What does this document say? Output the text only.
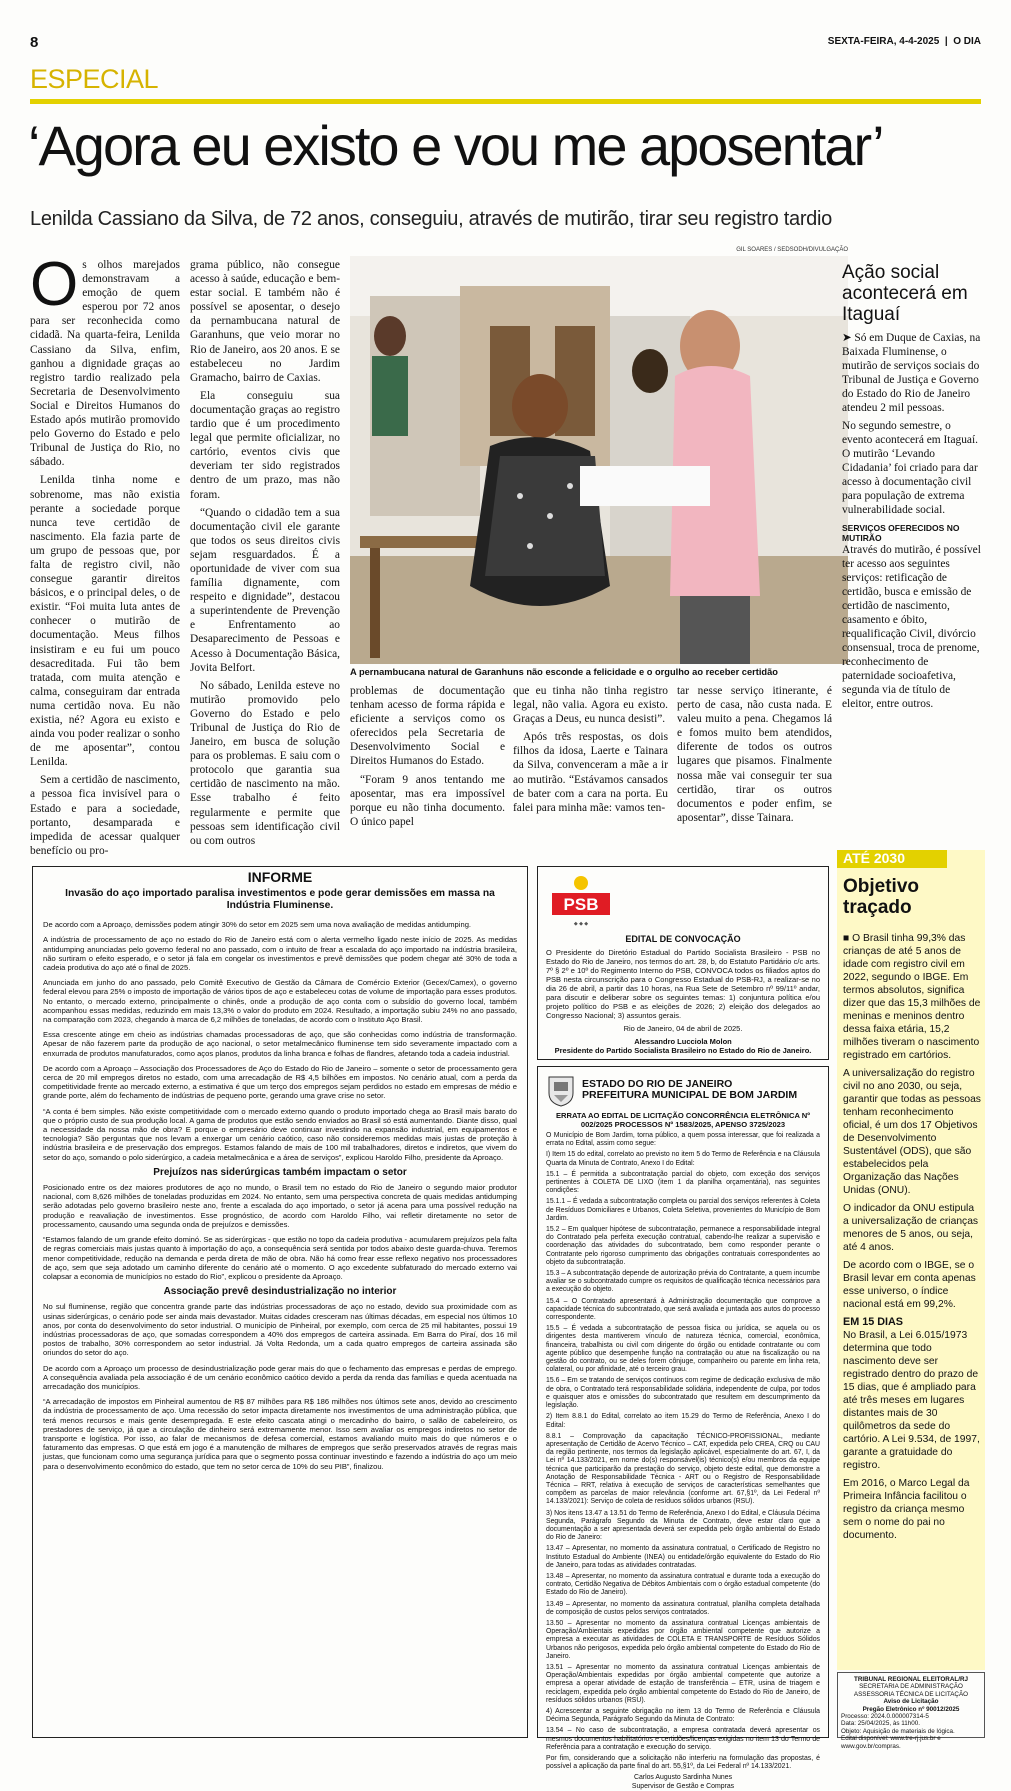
8	SEXTA-FEIRA, 4-4-2025  |  O DIA
ESPECIAL
‘Agora eu existo e vou me aposentar’
Lenilda Cassiano da Silva, de 72 anos, conseguiu, através de mutirão, tirar seu registro tardio

Os olhos marejados demonstravam a emoção de quem esperou por 72 anos para ser reconhecida como cidadã. Na quarta-feira, Lenilda Cassiano da Silva, enfim, ganhou a dignidade graças ao registro tardio realizado pela Secretaria de Desenvolvimento Social e Direitos Humanos do Estado após mutirão promovido pelo Governo do Estado e pelo Tribunal de Justiça do Rio, no sábado.

Lenilda tinha nome e sobrenome, mas não existia perante a sociedade porque nunca teve certidão de nascimento. Ela fazia parte de um grupo de pessoas que, por falta de registro civil, não consegue garantir direitos básicos, e o principal deles, o de existir. “Foi muita luta antes de conhecer o mutirão de documentação. Meus filhos insistiram e eu fui um pouco desacreditada. Fui tão bem tratada, com muita atenção e calma, conseguiram dar entrada numa certidão nova. Eu não existia, né? Agora eu existo e ainda vou poder realizar o sonho de me aposentar”, contou Lenilda.

Sem a certidão de nascimento, a pessoa fica invisível para o Estado e para a sociedade, portanto, desamparada e impedida de acessar qualquer benefício ou pro-

grama público, não consegue acesso à saúde, educação e bem-estar social. E também não é possível se aposentar, o desejo da pernambucana natural de Garanhuns, que veio morar no Rio de Janeiro, aos 20 anos. E se estabeleceu no Jardim Gramacho, bairro de Caxias.

Ela conseguiu sua documentação graças ao registro tardio que é um procedimento legal que permite oficializar, no cartório, eventos civis que deveriam ter sido registrados dentro de um prazo, mas não foram.

“Quando o cidadão tem a sua documentação civil ele garante que todos os seus direitos civis sejam resguardados. É a oportunidade de viver com sua família dignamente, com respeito e dignidade”, destacou a superintendente de Prevenção e Enfrentamento ao Desaparecimento de Pessoas e Acesso à Documentação Básica, Jovita Belfort.

No sábado, Lenilda esteve no mutirão promovido pelo Governo do Estado e pelo Tribunal de Justiça do Rio de Janeiro, em busca de solução para os problemas. E saiu com o protocolo que garantia sua certidão de nascimento na mão. Esse trabalho é feito regularmente e permite que pessoas sem identificação civil ou com outros

GIL SOARES / SEDSODH/DIVULGAÇÃO
A pernambucana natural de Garanhuns não esconde a felicidade e o orgulho ao receber certidão

problemas de documentação tenham acesso de forma rápida e eficiente a serviços como os oferecidos pela Secretaria de Desenvolvimento Social e Direitos Humanos do Estado.

“Foram 9 anos tentando me aposentar, mas era impossível porque eu não tinha documento. O único papel

que eu tinha não tinha registro legal, não valia. Agora eu existo. Graças a Deus, eu nunca desisti”.

Após três respostas, os dois filhos da idosa, Laerte e Tainara da Silva, convenceram a mãe a ir ao mutirão. “Estávamos cansados de bater com a cara na porta. Eu falei para minha mãe: vamos ten-

tar nesse serviço itinerante, é perto de casa, não custa nada. E valeu muito a pena. Chegamos lá e fomos muito bem atendidos, diferente de todos os outros lugares que pisamos. Finalmente nossa mãe vai conseguir ter sua certidão, tirar os outros documentos e poder enfim, se aposentar”, disse Tainara.

Ação social acontecerá em Itaguaí

➤ Só em Duque de Caxias, na Baixada Fluminense, o mutirão de serviços sociais do Tribunal de Justiça e Governo do Estado do Rio de Janeiro atendeu 2 mil pessoas.

No segundo semestre, o evento acontecerá em Itaguaí. O mutirão ‘Levando Cidadania’ foi criado para dar acesso à documentação civil para população de extrema vulnerabilidade social.

SERVIÇOS OFERECIDOS NO MUTIRÃO

Através do mutirão, é possível ter acesso aos seguintes serviços: retificação de certidão, busca e emissão de certidão de nascimento, casamento e óbito, requalificação Civil, divórcio consensual, troca de prenome, reconhecimento de paternidade socioafetiva, segunda via de título de eleitor, entre outros.

ATÉ 2030
Objetivo traçado

■ O Brasil tinha 99,3% das crianças de até 5 anos de idade com registro civil em 2022, segundo o IBGE. Em termos absolutos, significa dizer que das 15,3 milhões de meninas e meninos dentro dessa faixa etária, 15,2 milhões tiveram o nascimento registrado em cartórios.

A universalização do registro civil no ano 2030, ou seja, garantir que todas as pessoas tenham reconhecimento oficial, é um dos 17 Objetivos de Desenvolvimento Sustentável (ODS), que são estabelecidos pela Organização das Nações Unidas (ONU).

O indicador da ONU estipula a universalização de crianças menores de 5 anos, ou seja, até 4 anos.

De acordo com o IBGE, se o Brasil levar em conta apenas esse universo, o índice nacional está em 99,2%.

EM 15 DIAS

No Brasil, a Lei 6.015/1973 determina que todo nascimento deve ser registrado dentro do prazo de 15 dias, que é ampliado para até três meses em lugares distantes mais de 30 quilômetros da sede do cartório. A Lei 9.534, de 1997, garante a gratuidade do registro.

Em 2016, o Marco Legal da Primeira Infância facilitou o registro da criança mesmo sem o nome do pai no documento.

TRIBUNAL REGIONAL ELEITORAL/RJ
SECRETARIA DE ADMINISTRAÇÃO
ASSESSORIA TÉCNICA DE LICITAÇÃO
Aviso de Licitação
Pregão Eletrônico nº 90012/2025
Processo: 2024.0.000007314-5
Data: 25/04/2025, às 11h00.
Objeto: Aquisição de materiais de lógica.
Edital disponível: www.tre-rj.jus.br e
www.gov.br/compras.
INFORME
Invasão do aço importado paralisa investimentos e pode gerar demissões em massa na Indústria Fluminense.

De acordo com a Aproaço, demissões podem atingir 30% do setor em 2025 sem uma nova avaliação de medidas antidumping.

A indústria de processamento de aço no estado do Rio de Janeiro está com o alerta vermelho ligado neste início de 2025. As medidas antidumping anunciadas pelo governo federal no ano passado, com o intuito de frear a escalada do aço importado na indústria brasileira, não surtiram o efeito esperado, e o setor já fala em congelar os investimentos e prevê demissões que podem chegar até 30% de toda a cadeia produtiva do aço até o final de 2025.

Anunciada em junho do ano passado, pelo Comitê Executivo de Gestão da Câmara de Comércio Exterior (Gecex/Camex), o governo federal elevou para 25% o imposto de importação de vários tipos de aço e estabeleceu cotas de volume de importação para esses produtos. No entanto, o mercado externo, principalmente o chinês, onde a produção de aço conta com o subsídio do governo local, também acompanhou essas medidas, reduzindo em mais 13,3% o valor do produto em 2024. Resultado, a importação subiu 24% no ano passado, na comparação com 2023, chegando à marca de 6,2 milhões de toneladas, de acordo com o Instituto Aço Brasil.

Essa crescente atinge em cheio as indústrias chamadas processadoras de aço, que são conhecidas como indústria de transformação. Apesar de não fazerem parte da produção de aço nacional, o setor metalmecânico fluminense tem sido severamente impactado com a enxurrada de produtos manufaturados, como aços planos, produtos da linha branca e folhas de flandres, afetando toda a cadeia industrial.

De acordo com a Aproaço – Associação dos Processadores de Aço do Estado do Rio de Janeiro – somente o setor de processamento gera cerca de 20 mil empregos diretos no estado, com uma arrecadação de R$ 4,5 bilhões em impostos. No cenário atual, com a perda da competitividade frente ao mercado externo, a estimativa é que um terço dos empregos sejam perdidos no estado em empresas de médio e grande porte, além do fechamento de indústrias de pequeno porte, gerando uma grave crise no setor.

“A conta é bem simples. Não existe competitividade com o mercado externo quando o produto importado chega ao Brasil mais barato do que o próprio custo de sua produção local. A gama de produtos que estão sendo enviados ao Brasil só está aumentando. Diante disso, qual a necessidade da nossa mão de obra? E porque o empresário deve continuar investindo na expansão industrial, em equipamentos e tecnologia? São perguntas que nos levam a enxergar um cenário caótico, caso não consideremos medidas mais justas de proteção à indústria brasileira e de preservação dos empregos. Estamos falando de mais de 100 mil trabalhadores, diretos e indiretos, que vivem do setor do aço, somando o polo siderúrgico, a cadeia metalmecânica e a área de serviços”, explicou Haroldo Filho, presidente da Aproaço.

Prejuízos nas siderúrgicas também impactam o setor

Posicionado entre os dez maiores produtores de aço no mundo, o Brasil tem no estado do Rio de Janeiro o segundo maior produtor nacional, com 8,626 milhões de toneladas produzidas em 2024. No entanto, sem uma perspectiva concreta de quais medidas antidumping serão adotadas pelo governo brasileiro neste ano, frente a escalada do aço importado, o setor já acena para uma possível redução na produção e reavaliação de investimentos. Esse prognóstico, de acordo com Haroldo Filho, vai refletir diretamente no setor de processamento, causando uma segunda onda de prejuízos e demissões.

“Estamos falando de um grande efeito dominó. Se as siderúrgicas - que estão no topo da cadeia produtiva - acumularem prejuízos pela falta de regras comerciais mais justas quanto à importação do aço, a consequência será sentida por todos abaixo deste guarda-chuva. Teremos menor competitividade, redução na demanda e perda direta de mão de obra. Não há como frear esse reflexo negativo nos processadores de aço, sem que seja adotado um caminho diferente do cenário até o momento. O aço excedente subfaturado do mercado externo vai colapsar a economia de municípios no estado do Rio”, explicou o presidente da Aproaço.

Associação prevê desindustrialização no interior

No sul fluminense, região que concentra grande parte das indústrias processadoras de aço no estado, devido sua proximidade com as usinas siderúrgicas, o cenário pode ser ainda mais devastador. Muitas cidades cresceram nas últimas décadas, em especial nos últimos 10 anos, por conta do desenvolvimento do setor industrial. O município de Pinheiral, por exemplo, com cerca de 25 mil habitantes, possui 19 indústrias processadoras de aço, que somadas correspondem a 40% dos empregos de carteira assinada. Em Barra do Piraí, dos 16 mil postos de trabalho, 30% correspondem ao setor industrial. Já Volta Redonda, um a cada quatro empregos de carteira assinada são oriundos do setor do aço.

De acordo com a Aproaço um processo de desindustrialização pode gerar mais do que o fechamento das empresas e perdas de emprego. A consequência avaliada pela associação é de um cenário econômico caótico devido a perda da renda das famílias e queda acentuada na arrecadação dos municípios.

“A arrecadação de impostos em Pinheiral aumentou de R$ 87 milhões para R$ 186 milhões nos últimos sete anos, devido ao crescimento da indústria de processamento de aço. Uma recessão do setor impacta diretamente nos investimentos de uma administração pública, que terá menos recursos e mais gente desempregada. E este efeito cascata atingi o mercadinho do bairro, o salão de cabeleireiro, os prestadores de serviço, já que a circulação de dinheiro será extremamente menor. Isso sem avaliar os empregos indiretos no setor de transporte e logística. Por isso, ao falar de mecanismos de defesa comercial, estamos avaliando muito mais do que números e o faturamento das empresas. O que está em jogo é a manutenção de milhares de empregos que serão preservados através de regras mais justas, que funcionam como uma segurança jurídica para que o segmento possa continuar investindo e fazendo a indústria do aço um meio para o desenvolvimento econômico do estado, que tem no setor cerca de 10% do seu PIB”, finalizou.

PSB
◆ ◆ ◆
EDITAL DE CONVOCAÇÃO

O Presidente do Diretório Estadual do Partido Socialista Brasileiro - PSB no Estado do Rio de Janeiro, nos termos do art. 28, b, do Estatuto Partidário c/c arts. 7º § 2º e 10º do Regimento Interno do PSB, CONVOCA todos os filiados aptos do PSB nesta circunscrição para o Congresso Estadual do PSB-RJ, a realizar-se no dia 26 de abril, a partir das 10 horas, na Rua Sete de Setembro nº 99/11º andar, para discutir e deliberar sobre os seguintes temas: 1) conjuntura política e/ou projeto político do PSB e as eleições de 2026; 2) eleição dos delegados ao Congresso Nacional; 3) assuntos gerais.

Rio de Janeiro, 04 de abril de 2025.

Alessandro Lucciola Molon

Presidente do Partido Socialista Brasileiro no Estado do Rio de Janeiro.

ESTADO DO RIO DE JANEIRO
PREFEITURA MUNICIPAL DE BOM JARDIM
ERRATA AO EDITAL DE LICITAÇÃO CONCORRÊNCIA ELETRÔNICA Nº 002/2025 PROCESSOS Nº 1583/2025, APENSO 3725/2023

O Município de Bom Jardim, torna público, a quem possa interessar, que foi realizada a errata no Edital, assim como segue:

I) Item 15 do edital, correlato ao previsto no item 5 do Termo de Referência e na Cláusula Quarta da Minuta de Contrato, Anexo I do Edital:

15.1 – É permitida a subcontratação parcial do objeto, com exceção dos serviços pertinentes à COLETA DE LIXO (item 1 da planilha orçamentária), nas seguintes condições:

15.1.1 – É vedada a subcontratação completa ou parcial dos serviços referentes à Coleta de Resíduos Domiciliares e Urbanos, Coleta Seletiva, provenientes do Município de Bom Jardim.

15.2 – Em qualquer hipótese de subcontratação, permanece a responsabilidade integral do Contratado pela perfeita execução contratual, cabendo-lhe realizar a supervisão e coordenação das atividades do subcontratado, bem como responder perante o Contratante pelo rigoroso cumprimento das obrigações contratuais correspondentes ao objeto da subcontratação.

15.3 – A subcontratação depende de autorização prévia do Contratante, a quem incumbe avaliar se o subcontratado cumpre os requisitos de qualificação técnica necessários para a execução do objeto.

15.4 – O Contratado apresentará à Administração documentação que comprove a capacidade técnica do subcontratado, que será avaliada e juntada aos autos do processo correspondente.

15.5 – É vedada a subcontratação de pessoa física ou jurídica, se aquela ou os dirigentes desta mantiverem vínculo de natureza técnica, comercial, econômica, financeira, trabalhista ou civil com dirigente do órgão ou entidade contratante ou com agente público que desempenhe função na contratação ou atue na fiscalização ou na gestão do contrato, ou se deles forem cônjuge, companheiro ou parente em linha reta, colateral, ou por afinidade, até o terceiro grau.

15.6 – Em se tratando de serviços contínuos com regime de dedicação exclusiva de mão de obra, o Contratado terá responsabilidade solidária, independente de culpa, por todos e quaisquer atos e omissões do subcontratado que resultem em descumprimento da legislação.

2) Item 8.8.1 do Edital, correlato ao item 15.29 do Termo de Referência, Anexo I do Edital:

8.8.1 – Comprovação da capacitação TÉCNICO-PROFISSIONAL, mediante apresentação de Certidão de Acervo Técnico – CAT, expedida pelo CREA, CRQ ou CAU da região pertinente, nos termos da legislação aplicável, especialmente do art. 67, I, da Lei nº 14.133/2021, em nome do(s) responsável(is) técnico(s) e/ou membros da equipe técnica que participarão da prestação do serviço, objeto deste edital, que demonstre a Anotação de Responsabilidade Técnica - ART ou o Registro de Responsabilidade Técnica – RRT, relativa à execução de serviços de características semelhantes que compõem as parcelas de maior relevância (conforme art. 67,§1º, da Lei Federal nº 14.133/2021): Serviço de coleta de resíduos sólidos urbanos (RSU).

3) Nos itens 13.47 a 13.51 do Termo de Referência, Anexo I do Edital, e Cláusula Décima Segunda, Parágrafo Segundo da Minuta de Contrato, deve estar claro que a documentação a ser apresentada deverá ser expedida pelo órgão ambiental do Estado do Rio de Janeiro:

13.47 – Apresentar, no momento da assinatura contratual, o Certificado de Registro no Instituto Estadual do Ambiente (INEA) ou entidade/órgão equivalente do Estado do Rio de Janeiro, para todas as atividades contratadas.

13.48 – Apresentar, no momento da assinatura contratual e durante toda a execução do contrato, Certidão Negativa de Débitos Ambientais com o órgão estadual competente (do Estado do Rio de Janeiro).

13.49 – Apresentar, no momento da assinatura contratual, planilha completa detalhada de composição de custos pelos serviços contratados.

13.50 – Apresentar no momento da assinatura contratual Licenças ambientais de Operação/Ambientais expedidas por órgão ambiental competente que autorize a empresa a executar as atividades de COLETA E TRANSPORTE de Resíduos Sólidos Urbanos não perigosos, expedida pelo órgão ambiental competente do Estado do Rio de Janeiro.

13.51 – Apresentar no momento da assinatura contratual Licenças ambientais de Operação/Ambientais expedidas por órgão ambiental competente que autorize a empresa a operar atividade de estação de transferência – ETR, usina de triagem e reciclagem, expedida pelo órgão ambiental competente do Estado do Rio de Janeiro, de resíduos sólidos urbanos (RSU).

4) Acrescentar a seguinte obrigação no item 13 do Termo de Referência e Cláusula Décima Segunda, Parágrafo Segundo da Minuta de Contrato:

13.54 – No caso de subcontratação, a empresa contratada deverá apresentar os mesmos documentos habilitatórios e certidões/licenças exigidas no item 13 do Termo de Referência para a contratação e execução do serviço.

Por fim, considerando que a solicitação não interferiu na formulação das propostas, é possível a aplicação da parte final do art. 55,§1º, da Lei Federal nº 14.133/2021.

Carlos Augusto Sardinha Nunes

Supervisor de Gestão e Compras
